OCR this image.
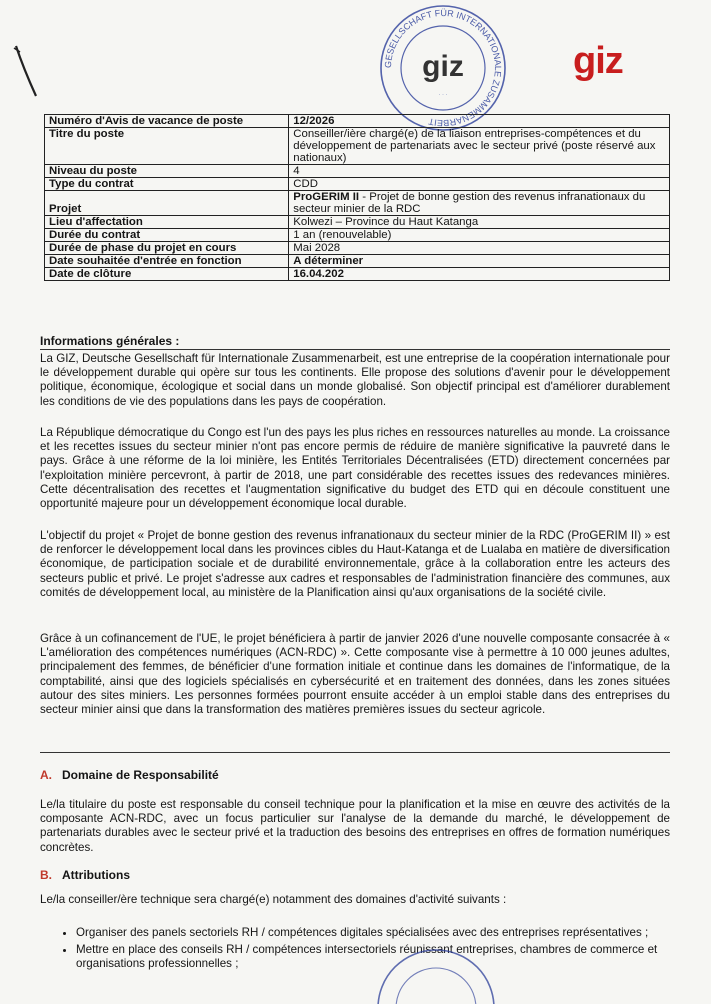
GESELLSCHAFT FÜR INTERNATIONALE ZUSAMMENARBEIT
giz
· · ·
giz
Numéro d'Avis de vacance de poste	12/2026
Titre du poste	Conseiller/ière chargé(e) de la liaison entreprises-compétences et du développement de partenariats avec le secteur privé (poste réservé aux nationaux)
Niveau du poste	4
Type du contrat	CDD
Projet	ProGERIM II - Projet de bonne gestion des revenus infranationaux du secteur minier de la RDC
Lieu d'affectation	Kolwezi – Province du Haut Katanga
Durée du contrat	1 an (renouvelable)
Durée de phase du projet en cours	Mai 2028
Date souhaitée d'entrée en fonction	A déterminer
Date de clôture	16.04.202
Informations générales :
La GIZ, Deutsche Gesellschaft für Internationale Zusammenarbeit, est une entreprise de la coopération internationale pour le développement durable qui opère sur tous les continents. Elle propose des solutions d'avenir pour le développement politique, économique, écologique et social dans un monde globalisé. Son objectif principal est d'améliorer durablement les conditions de vie des populations dans les pays de coopération.
La République démocratique du Congo est l'un des pays les plus riches en ressources naturelles au monde. La croissance et les recettes issues du secteur minier n'ont pas encore permis de réduire de manière significative la pauvreté dans le pays. Grâce à une réforme de la loi minière, les Entités Territoriales Décentralisées (ETD) directement concernées par l'exploitation minière percevront, à partir de 2018, une part considérable des recettes issues des redevances minières. Cette décentralisation des recettes et l'augmentation significative du budget des ETD qui en découle constituent une opportunité majeure pour un développement économique local durable.
L'objectif du projet « Projet de bonne gestion des revenus infranationaux du secteur minier de la RDC (ProGERIM II) » est de renforcer le développement local dans les provinces cibles du Haut-Katanga et de Lualaba en matière de diversification économique, de participation sociale et de durabilité environnementale, grâce à la collaboration entre les acteurs des secteurs public et privé. Le projet s'adresse aux cadres et responsables de l'administration financière des communes, aux comités de développement local, au ministère de la Planification ainsi qu'aux organisations de la société civile.
Grâce à un cofinancement de l'UE, le projet bénéficiera à partir de janvier 2026 d'une nouvelle composante consacrée à « L'amélioration des compétences numériques (ACN-RDC) ». Cette composante vise à permettre à 10 000 jeunes adultes, principalement des femmes, de bénéficier d'une formation initiale et continue dans les domaines de l'informatique, de la comptabilité, ainsi que des logiciels spécialisés en cybersécurité et en traitement des données, dans les zones situées autour des sites miniers. Les personnes formées pourront ensuite accéder à un emploi stable dans des entreprises du secteur minier ainsi que dans la transformation des matières premières issues du secteur agricole.
A. Domaine de Responsabilité
Le/la titulaire du poste est responsable du conseil technique pour la planification et la mise en œuvre des activités de la composante ACN-RDC, avec un focus particulier sur l'analyse de la demande du marché, le développement de partenariats durables avec le secteur privé et la traduction des besoins des entreprises en offres de formation numériques concrètes.
B. Attributions
Le/la conseiller/ère technique sera chargé(e) notamment des domaines d'activité suivants :
• Organiser des panels sectoriels RH / compétences digitales spécialisées avec des entreprises représentatives ;
• Mettre en place des conseils RH / compétences intersectoriels réunissant entreprises, chambres de commerce et organisations professionnelles ;
